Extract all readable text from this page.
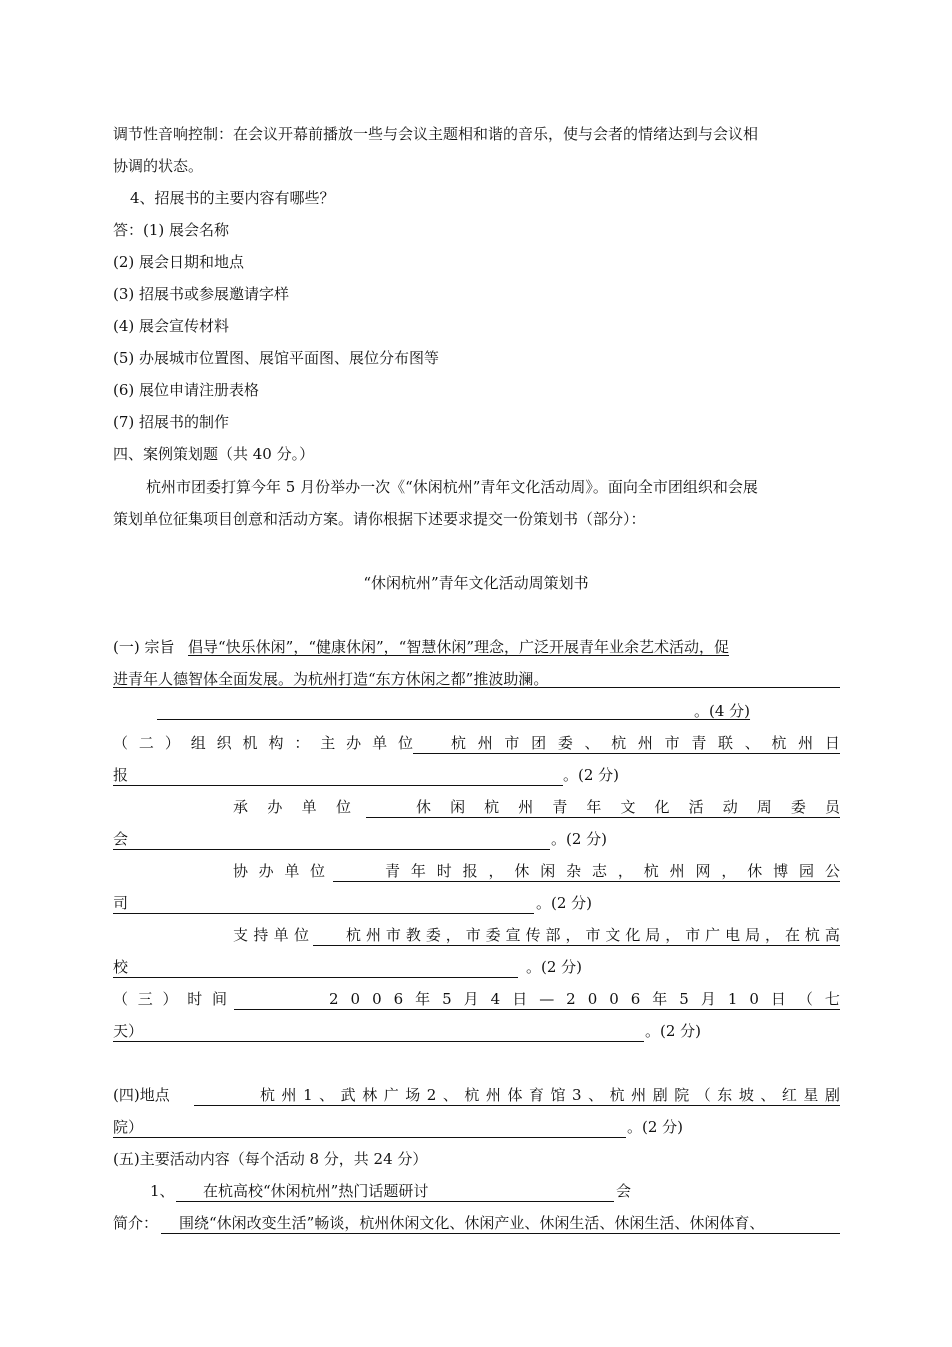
调节性音响控制：在会议开幕前播放一些与会议主题相和谐的音乐，使与会者的情绪达到与会议相
协调的状态。
4、招展书的主要内容有哪些？
答：(1) 展会名称
(2) 展会日期和地点
(3) 招展书或参展邀请字样
(4) 展会宣传材料
(5) 办展城市位置图、展馆平面图、展位分布图等
(6) 展位申请注册表格
(7) 招展书的制作
四、案例策划题（共 40 分。）
杭州市团委打算今年 5 月份举办一次《“休闲杭州”青年文化活动周》。面向全市团组织和会展
策划单位征集项目创意和活动方案。请你根据下述要求提交一份策划书（部分）：
“休闲杭州”青年文化活动周策划书
(一) 宗旨 倡导“快乐休闲”，“健康休闲”，“智慧休闲”理念，广泛开展青年业余艺术活动，促
进青年人德智体全面发展。为杭州打造“东方休闲之都”推波助澜。
。(4 分)
（ 二 ） 组 织 机 构 ： 主 办 单 位	杭 州 市 团 委 、 杭 州 市 青 联 、 杭 州 日
报	。(2 分)
承 办 单 位	休 闲 杭 州 青 年 文 化 活 动 周 委 员
会	。(2 分)
协 办 单 位	青 年 时 报 ， 休 闲 杂 志 ， 杭 州 网 ， 休 博 园 公
司	。(2 分)
支 持 单 位 杭 州 市 教 委 ， 市 委 宣 传 部 ， 市 文 化 局 ， 市 广 电 局 ， 在 杭 高
校	。(2 分)
（ 三 ） 时 间	2 0 0 6 年 5 月 4 日 — 2 0 0 6 年 5 月 1 0 日 （ 七
天）	。(2 分)
(四)地点	杭 州 1 、 武 林 广 场 2 、 杭 州 体 育 馆 3 、 杭 州 剧 院 （ 东 坡 、 红 星 剧
院）	。(2 分)
(五)主要活动内容（每个活动 8 分，共 24 分）
1、	在杭高校“休闲杭州”热门话题研讨	会
简介：	围绕“休闲改变生活”畅谈，杭州休闲文化、休闲产业、休闲生活、休闲生活、休闲体育、
